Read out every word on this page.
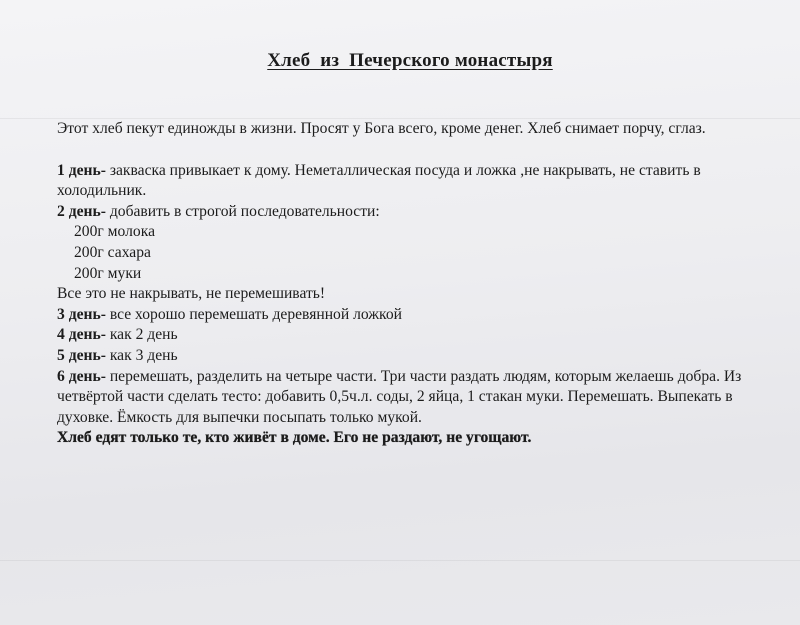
Хлеб  из  Печерского монастыря

Этот хлеб пекут единожды в жизни. Просят у Бога всего, кроме денег. Хлеб снимает порчу, сглаз.

1 день- закваска привыкает к дому. Неметаллическая посуда и ложка ,не накрывать, не ставить в холодильник.

2 день- добавить в строгой последовательности:

200г молока

200г сахара

200г муки

Все это не накрывать, не перемешивать!

3 день- все хорошо перемешать деревянной ложкой

4 день- как 2 день

5 день- как 3 день

6 день- перемешать, разделить на четыре части. Три части раздать людям, которым желаешь добра. Из четвёртой части сделать тесто: добавить 0,5ч.л. соды, 2 яйца, 1 стакан муки. Перемешать. Выпекать в духовке. Ёмкость для выпечки посыпать только мукой.

Хлеб едят только те, кто живёт в доме. Его не раздают, не угощают.
